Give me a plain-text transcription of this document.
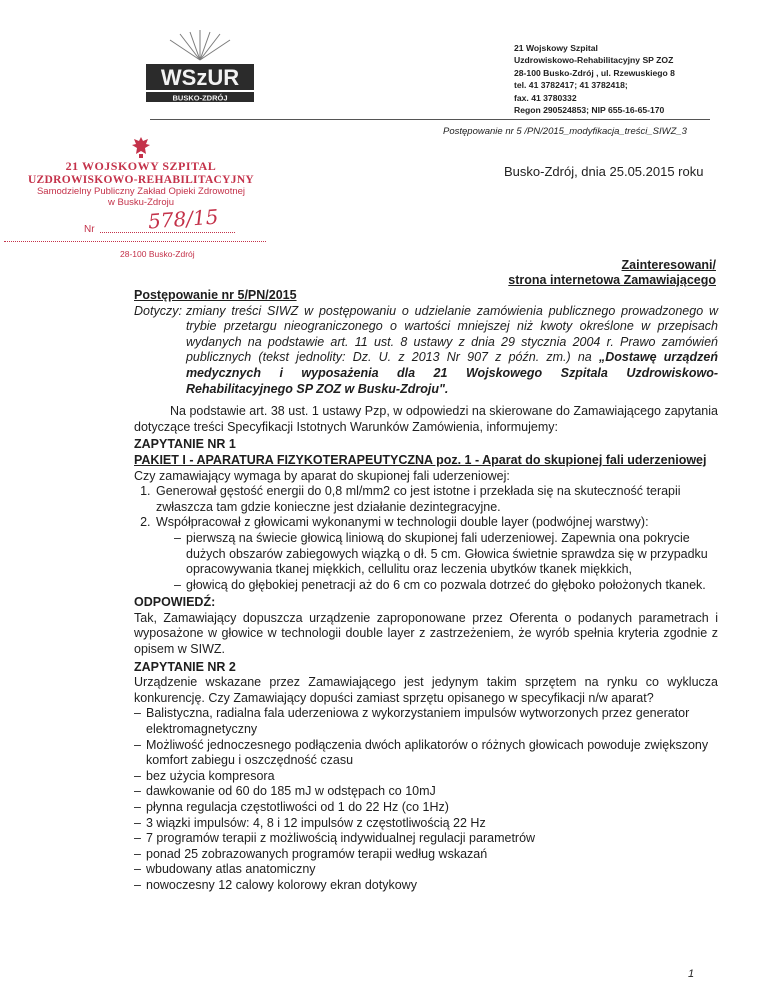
WSzUR
BUSKO-ZDRÓJ
21 Wojskowy Szpital
Uzdrowiskowo-Rehabilitacyjny SP ZOZ
28-100 Busko-Zdrój , ul. Rzewuskiego 8
tel. 41 3782417; 41 3782418;
fax. 41 3780332
Regon 290524853; NIP 655-16-65-170
Postępowanie nr 5 /PN/2015_modyfikacja_treści_SIWZ_3
21 WOJSKOWY SZPITAL
UZDROWISKOWO-REHABILITACYJNY
Samodzielny Publiczny Zakład Opieki Zdrowotnej
w Busku-Zdroju
Nr	578/15
28-100 Busko-Zdrój
Busko-Zdrój, dnia 25.05.2015 roku
Zainteresowani/
strona internetowa Zamawiającego

Postępowanie nr 5/PN/2015

Dotyczy: zmiany treści SIWZ w postępowaniu o udzielanie zamówienia publicznego prowadzonego w trybie przetargu nieograniczonego o wartości mniejszej niż kwoty określone w przepisach wydanych na podstawie art. 11 ust. 8 ustawy z dnia 29 stycznia 2004 r. Prawo zamówień publicznych (tekst jednolity: Dz. U. z 2013 Nr 907 z późn. zm.) na „Dostawę urządzeń medycznych i wyposażenia dla 21 Wojskowego Szpitala Uzdrowiskowo-Rehabilitacyjnego SP ZOZ w Busku-Zdroju".

Na podstawie art. 38 ust. 1 ustawy Pzp, w odpowiedzi na skierowane do Zamawiającego zapytania dotyczące treści Specyfikacji Istotnych Warunków Zamówienia, informujemy:

ZAPYTANIE NR 1

PAKIET I - APARATURA FIZYKOTERAPEUTYCZNA poz. 1 - Aparat do skupionej fali uderzeniowej

Czy zamawiający wymaga by aparat do skupionej fali uderzeniowej:

1. Generował gęstość energii do 0,8 ml/mm2 co jest istotne i przekłada się na skuteczność terapii zwłaszcza tam gdzie konieczne jest działanie dezintegracyjne.
2. Współpracował z głowicami wykonanymi w technologii double layer (podwójnej warstwy):
– pierwszą na świecie głowicą liniową do skupionej fali uderzeniowej. Zapewnia ona pokrycie dużych obszarów zabiegowych wiązką o dł. 5 cm. Głowica świetnie sprawdza się w przypadku opracowywania tkanej miękkich, cellulitu oraz leczenia ubytków tkanek miękkich,
– głowicą do głębokiej penetracji aż do 6 cm co pozwala dotrzeć do głęboko położonych tkanek.

ODPOWIEDŹ:

Tak, Zamawiający dopuszcza urządzenie zaproponowane przez Oferenta o podanych parametrach i wyposażone w głowice w technologii double layer z zastrzeżeniem, że wyrób spełnia kryteria zgodnie z opisem w SIWZ.

ZAPYTANIE NR 2

Urządzenie wskazane przez Zamawiającego jest jedynym takim sprzętem na rynku co wyklucza konkurencję. Czy Zamawiający dopuści zamiast sprzętu opisanego w specyfikacji n/w aparat?

– Balistyczna, radialna fala uderzeniowa z wykorzystaniem impulsów wytworzonych przez generator elektromagnetyczny
– Możliwość jednoczesnego podłączenia dwóch aplikatorów o różnych głowicach powoduje zwiększony komfort zabiegu i oszczędność czasu
– bez użycia kompresora
– dawkowanie od 60 do 185 mJ w odstępach co 10mJ
– płynna regulacja częstotliwości od 1 do 22 Hz (co 1Hz)
– 3 wiązki impulsów: 4, 8 i 12 impulsów z częstotliwością 22 Hz
– 7 programów terapii z możliwością indywidualnej regulacji parametrów
– ponad 25 zobrazowanych programów terapii według wskazań
– wbudowany atlas anatomiczny
– nowoczesny 12 calowy kolorowy ekran dotykowy
1
